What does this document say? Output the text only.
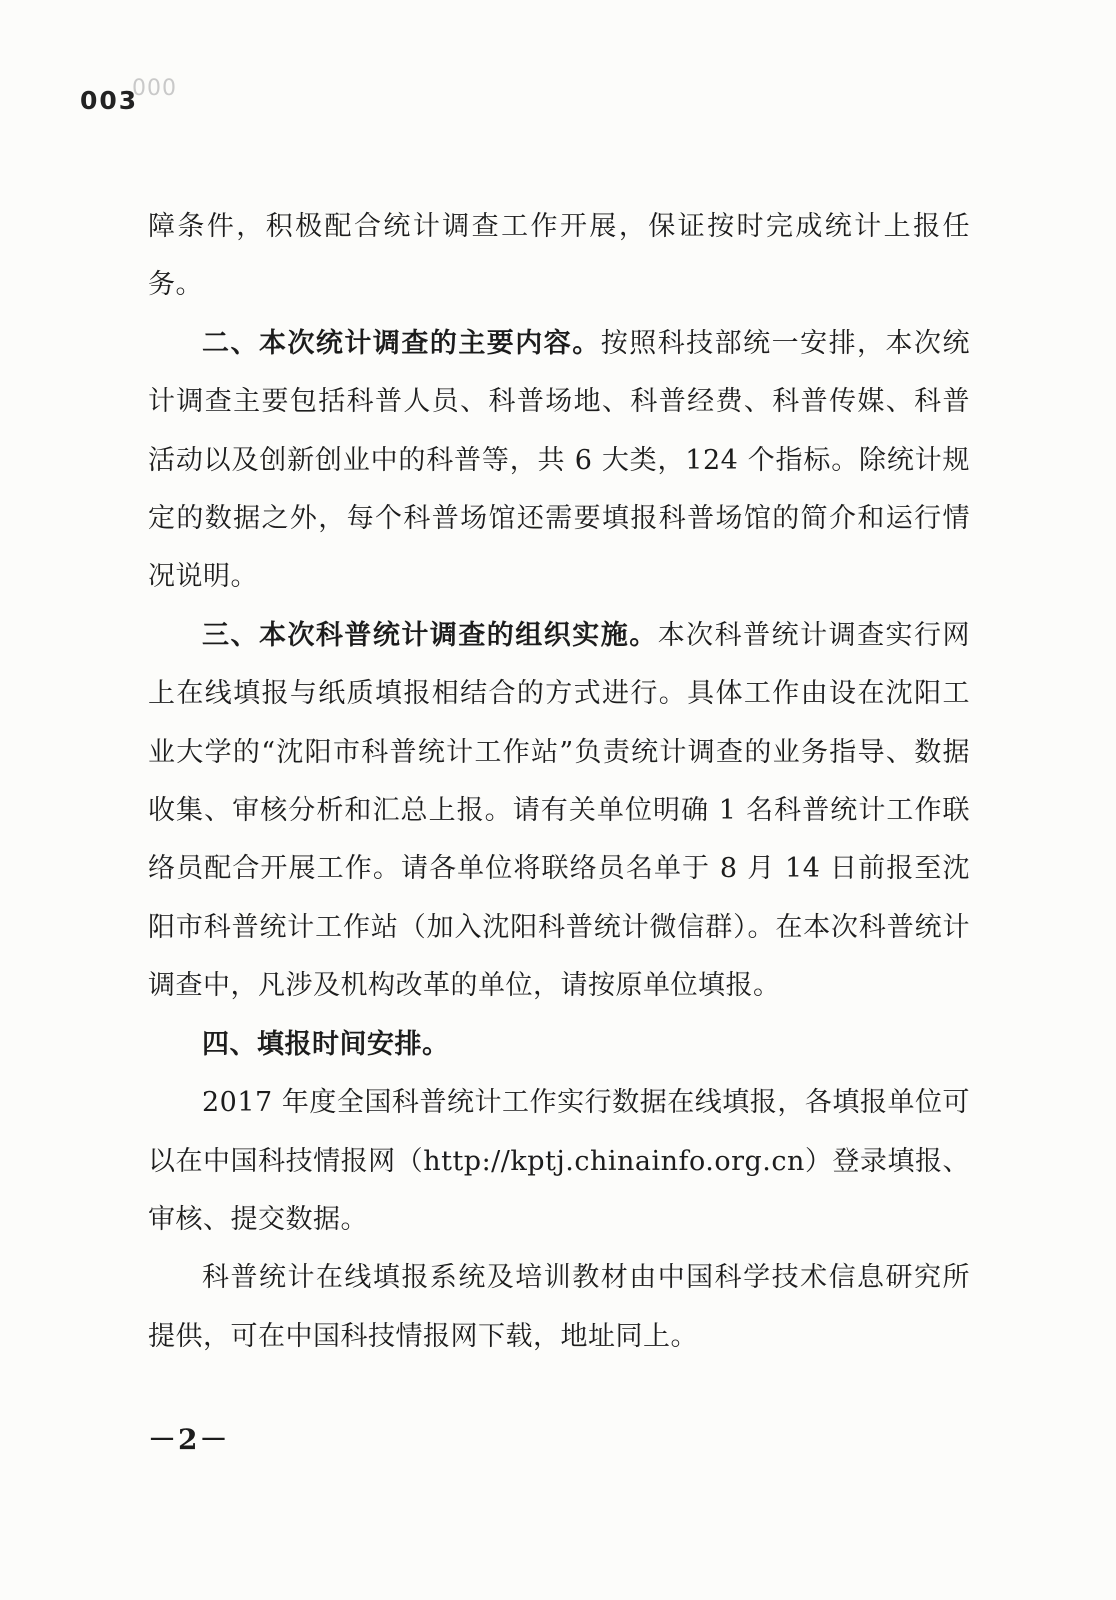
003
000

障条件，积极配合统计调查工作开展，保证按时完成统计上报任务。

二、本次统计调查的主要内容。按照科技部统一安排，本次统计调查主要包括科普人员、科普场地、科普经费、科普传媒、科普活动以及创新创业中的科普等，共 6 大类，124 个指标。除统计规定的数据之外，每个科普场馆还需要填报科普场馆的简介和运行情况说明。

三、本次科普统计调查的组织实施。本次科普统计调查实行网上在线填报与纸质填报相结合的方式进行。具体工作由设在沈阳工业大学的“沈阳市科普统计工作站”负责统计调查的业务指导、数据收集、审核分析和汇总上报。请有关单位明确 1 名科普统计工作联络员配合开展工作。请各单位将联络员名单于 8 月 14 日前报至沈阳市科普统计工作站（加入沈阳科普统计微信群）。在本次科普统计调查中，凡涉及机构改革的单位，请按原单位填报。

四、填报时间安排。

2017 年度全国科普统计工作实行数据在线填报，各填报单位可以在中国科技情报网（http://kptj.chinainfo.org.cn）登录填报、审核、提交数据。

科普统计在线填报系统及培训教材由中国科学技术信息研究所提供，可在中国科技情报网下载，地址同上。

－2－
